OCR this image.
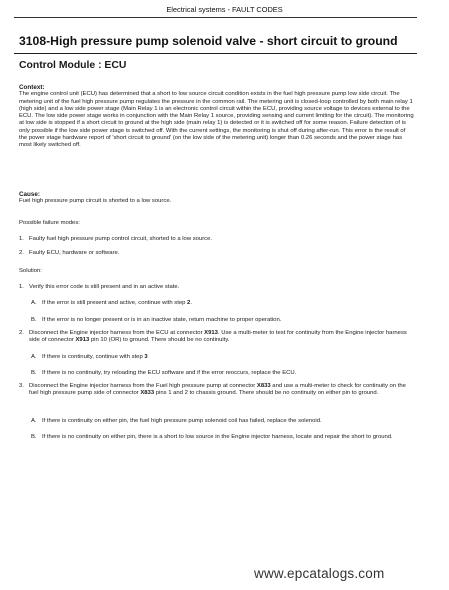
Electrical systems - FAULT CODES
3108-High pressure pump solenoid valve - short circuit to ground
Control Module : ECU
Context:

The engine control unit (ECU) has determined that a short to low source circuit condition exists in the fuel high pressure pump low side circuit. The metering unit of the fuel high pressure pump regulates the pressure in the common rail. The metering unit is closed-loop controlled by both main relay 1 (high side) and a low side power stage (Main Relay 1 is an electronic control circuit within the ECU, providing source voltage to devices external to the ECU. The low side power stage works in conjunction with the Main Relay 1 source, providing sensing and current limiting for the circuit). The monitoring at low side is stopped if a short circuit to ground at the high side (main relay 1) is detected or it is switched off for some reason. Failure detection of is only possible if the low side power stage is switched off. With the current settings, the monitoring is shut off during after-run. This error is the result of the power stage hardware report of 'short circuit to ground' (on the low side of the metering unit) longer than 0.26 seconds and the power stage has most likely switched off.

Cause:

Fuel high pressure pump circuit is shorted to a low source.

Possible failure modes:
1. Faulty fuel high pressure pump control circuit, shorted to a low source.
2. Faulty ECU, hardware or software.
Solution:
1. Verify this error code is still present and in an active state.
A. If the error is still present and active, continue with step 2.
B. If the error is no longer present or is in an inactive state, return machine to proper operation.
2. Disconnect the Engine injector harness from the ECU at connector X913. Use a multi-meter to test for continuity from the Engine injector harness side of connector X913 pin 10 (OR) to ground. There should be no continuity.
A. If there is continuity, continue with step 3
B. If there is no continuity, try reloading the ECU software and if the error reoccurs, replace the ECU.
3. Disconnect the Engine injector harness from the Fuel high pressure pump at connector X833 and use a multi-meter to check for continuity on the fuel high pressure pump side of connector X833 pins 1 and 2 to chassis ground. There should be no continuity on either pin to ground.
A. If there is continuity on either pin, the fuel high pressure pump solenoid coil has failed, replace the solenoid.
B. If there is no continuity on either pin, there is a short to low source in the Engine injector harness, locate and repair the short to ground.
www.epcatalogs.com
